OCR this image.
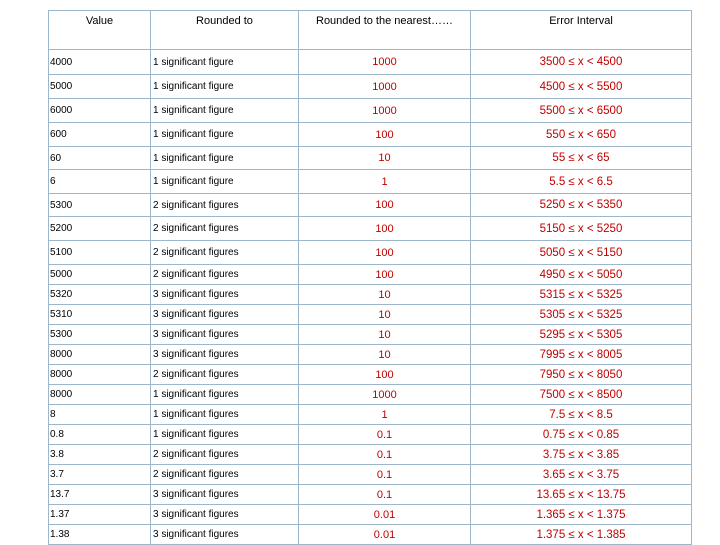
Value	Rounded to	Rounded to the nearest……	Error Interval
4000	1 significant figure	1000	3500 ≤ x < 4500
5000	1 significant figure	1000	4500 ≤ x < 5500
6000	1 significant figure	1000	5500 ≤ x < 6500
600	1 significant figure	100	550 ≤ x < 650
60	1 significant figure	10	55 ≤ x < 65
6	1 significant figure	1	5.5 ≤ x < 6.5
5300	2 significant figures	100	5250 ≤ x < 5350
5200	2 significant figures	100	5150 ≤ x < 5250
5100	2 significant figures	100	5050 ≤ x < 5150
5000	2 significant figures	100	4950 ≤ x < 5050
5320	3 significant figures	10	5315 ≤ x < 5325
5310	3 significant figures	10	5305 ≤ x < 5325
5300	3 significant figures	10	5295 ≤ x < 5305
8000	3 significant figures	10	7995 ≤ x < 8005
8000	2 significant figures	100	7950 ≤ x < 8050
8000	1 significant figures	1000	7500 ≤ x < 8500
8	1 significant figures	1	7.5 ≤ x < 8.5
0.8	1 significant figures	0.1	0.75 ≤ x < 0.85
3.8	2 significant figures	0.1	3.75 ≤ x < 3.85
3.7	2 significant figures	0.1	3.65 ≤ x < 3.75
13.7	3 significant figures	0.1	13.65 ≤ x < 13.75
1.37	3 significant figures	0.01	1.365 ≤ x < 1.375
1.38	3 significant figures	0.01	1.375 ≤ x < 1.385
